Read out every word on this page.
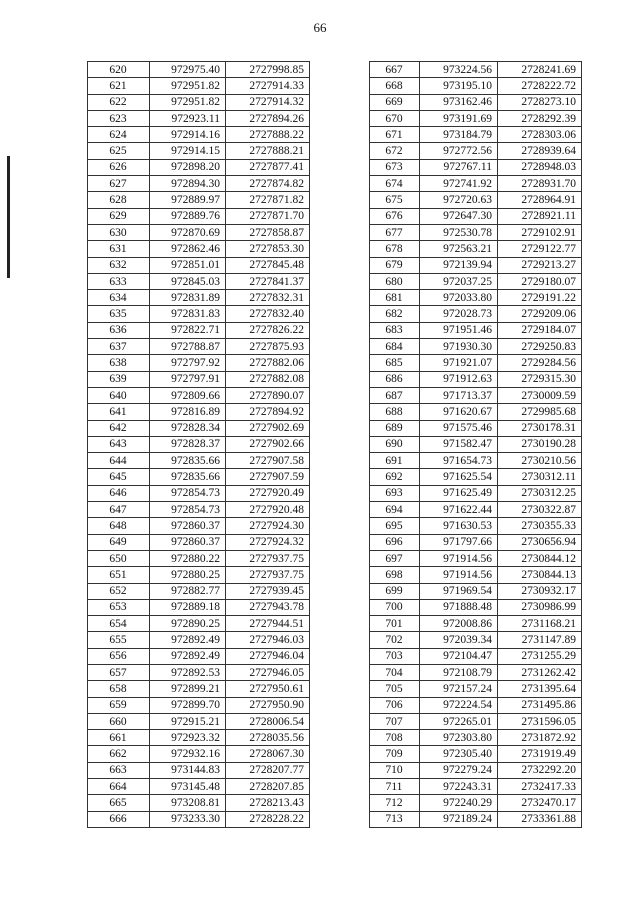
66
620	972975.40	2727998.85
621	972951.82	2727914.33
622	972951.82	2727914.32
623	972923.11	2727894.26
624	972914.16	2727888.22
625	972914.15	2727888.21
626	972898.20	2727877.41
627	972894.30	2727874.82
628	972889.97	2727871.82
629	972889.76	2727871.70
630	972870.69	2727858.87
631	972862.46	2727853.30
632	972851.01	2727845.48
633	972845.03	2727841.37
634	972831.89	2727832.31
635	972831.83	2727832.40
636	972822.71	2727826.22
637	972788.87	2727875.93
638	972797.92	2727882.06
639	972797.91	2727882.08
640	972809.66	2727890.07
641	972816.89	2727894.92
642	972828.34	2727902.69
643	972828.37	2727902.66
644	972835.66	2727907.58
645	972835.66	2727907.59
646	972854.73	2727920.49
647	972854.73	2727920.48
648	972860.37	2727924.30
649	972860.37	2727924.32
650	972880.22	2727937.75
651	972880.25	2727937.75
652	972882.77	2727939.45
653	972889.18	2727943.78
654	972890.25	2727944.51
655	972892.49	2727946.03
656	972892.49	2727946.04
657	972892.53	2727946.05
658	972899.21	2727950.61
659	972899.70	2727950.90
660	972915.21	2728006.54
661	972923.32	2728035.56
662	972932.16	2728067.30
663	973144.83	2728207.77
664	973145.48	2728207.85
665	973208.81	2728213.43
666	973233.30	2728228.22
667	973224.56	2728241.69
668	973195.10	2728222.72
669	973162.46	2728273.10
670	973191.69	2728292.39
671	973184.79	2728303.06
672	972772.56	2728939.64
673	972767.11	2728948.03
674	972741.92	2728931.70
675	972720.63	2728964.91
676	972647.30	2728921.11
677	972530.78	2729102.91
678	972563.21	2729122.77
679	972139.94	2729213.27
680	972037.25	2729180.07
681	972033.80	2729191.22
682	972028.73	2729209.06
683	971951.46	2729184.07
684	971930.30	2729250.83
685	971921.07	2729284.56
686	971912.63	2729315.30
687	971713.37	2730009.59
688	971620.67	2729985.68
689	971575.46	2730178.31
690	971582.47	2730190.28
691	971654.73	2730210.56
692	971625.54	2730312.11
693	971625.49	2730312.25
694	971622.44	2730322.87
695	971630.53	2730355.33
696	971797.66	2730656.94
697	971914.56	2730844.12
698	971914.56	2730844.13
699	971969.54	2730932.17
700	971888.48	2730986.99
701	972008.86	2731168.21
702	972039.34	2731147.89
703	972104.47	2731255.29
704	972108.79	2731262.42
705	972157.24	2731395.64
706	972224.54	2731495.86
707	972265.01	2731596.05
708	972303.80	2731872.92
709	972305.40	2731919.49
710	972279.24	2732292.20
711	972243.31	2732417.33
712	972240.29	2732470.17
713	972189.24	2733361.88
